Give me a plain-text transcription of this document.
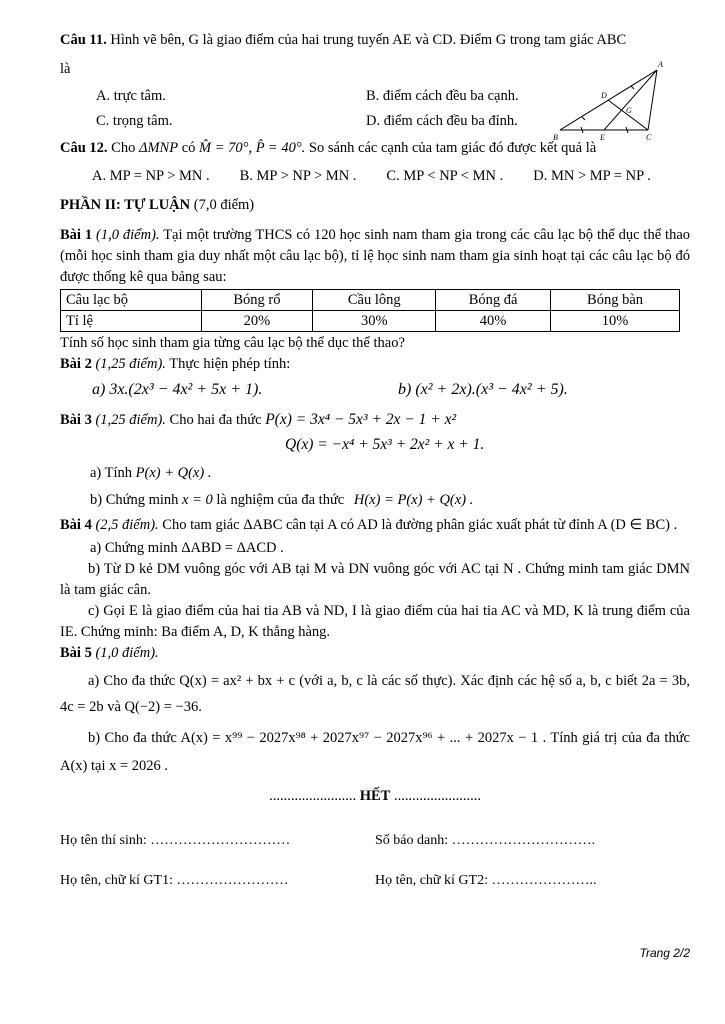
Câu 11. Hình vẽ bên, G là giao điểm của hai trung tuyến AE và CD. Điểm G trong tam giác ABC

là

A. trực tâm.	B. điểm cách đều ba cạnh.
C. trọng tâm.	D. điểm cách đều ba đỉnh.

Câu 12. Cho ΔMNP có M̂ = 70°, P̂ = 40°. So sánh các cạnh của tam giác đó được kết quả là

A. MP = NP > MN . B. MP > NP > MN . C. MP < NP < MN . D. MN > MP = NP .

PHẦN II: TỰ LUẬN (7,0 điểm)

Bài 1 (1,0 điểm). Tại một trường THCS có 120 học sinh nam tham gia trong các câu lạc bộ thể dục thể thao (mỗi học sinh tham gia duy nhất một câu lạc bộ), tỉ lệ học sinh nam tham gia sinh hoạt tại các câu lạc bộ đó được thống kê qua bảng sau:

Câu lạc bộ	Bóng rổ	Cầu lông	Bóng đá	Bóng bàn
Tỉ lệ	20%	30%	40%	10%

Tính số học sinh tham gia từng câu lạc bộ thể dục thể thao?

Bài 2 (1,25 điểm). Thực hiện phép tính:

a) 3x.(2x³ − 4x² + 5x + 1).	b) (x² + 2x).(x³ − 4x² + 5).

Bài 3 (1,25 điểm). Cho hai đa thức P(x) = 3x⁴ − 5x³ + 2x − 1 + x²

Q(x) = −x⁴ + 5x³ + 2x² + x + 1.

a) Tính P(x) + Q(x) .

b) Chứng minh x = 0 là nghiệm của đa thức H(x) = P(x) + Q(x) .

Bài 4 (2,5 điểm). Cho tam giác ΔABC cân tại A có AD là đường phân giác xuất phát từ đỉnh A (D ∈ BC) .

a) Chứng minh ΔABD = ΔACD .

b) Từ D kẻ DM vuông góc với AB tại M và DN vuông góc với AC tại N . Chứng minh tam giác DMN là tam giác cân.

c) Gọi E là giao điểm của hai tia AB và ND, I là giao điểm của hai tia AC và MD, K là trung điểm của IE. Chứng minh: Ba điểm A, D, K thẳng hàng.

Bài 5 (1,0 điểm).

a) Cho đa thức Q(x) = ax² + bx + c (với a, b, c là các số thực). Xác định các hệ số a, b, c biết 2a = 3b, 4c = 2b và Q(−2) = −36.

b) Cho đa thức A(x) = x⁹⁹ − 2027x⁹⁸ + 2027x⁹⁷ − 2027x⁹⁶ + ... + 2027x − 1 . Tính giá trị của đa thức A(x) tại x = 2026 .

........................ HẾT ........................

Họ tên thí sinh: …………………………	Số báo danh: ………………………….
Họ tên, chữ kí GT1: ……………………	Họ tên, chữ kí GT2: …………………..
A
D
G
B	E	C
Trang 2/2
